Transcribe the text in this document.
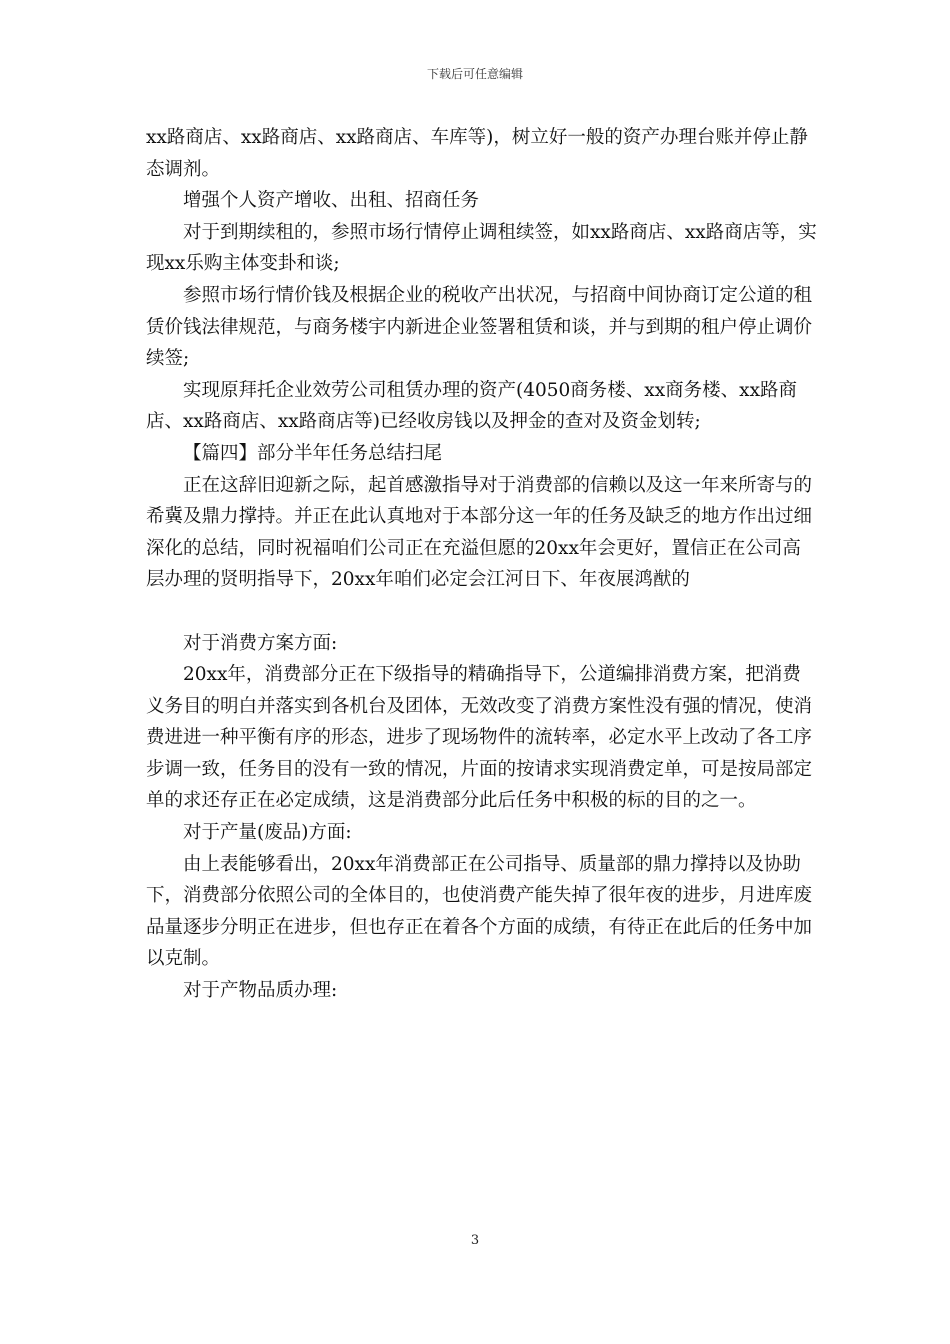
下载后可任意编辑

xx路商店、xx路商店、xx路商店、车库等)，树立好一般的资产办理台账并停止静态调剂。

增强个人资产增收、出租、招商任务

对于到期续租的，参照市场行情停止调租续签，如xx路商店、xx路商店等，实现xx乐购主体变卦和谈;

参照市场行情价钱及根据企业的税收产出状况，与招商中间协商订定公道的租赁价钱法律规范，与商务楼宇内新进企业签署租赁和谈，并与到期的租户停止调价续签;

实现原拜托企业效劳公司租赁办理的资产(4050商务楼、xx商务楼、xx路商店、xx路商店、xx路商店等)已经收房钱以及押金的查对及资金划转;

【篇四】部分半年任务总结扫尾

正在这辞旧迎新之际，起首感激指导对于消费部的信赖以及这一年来所寄与的希冀及鼎力撑持。并正在此认真地对于本部分这一年的任务及缺乏的地方作出过细深化的总结，同时祝福咱们公司正在充溢但愿的20xx年会更好，置信正在公司高层办理的贤明指导下，20xx年咱们必定会江河日下、年夜展鸿猷的

对于消费方案方面:

20xx年，消费部分正在下级指导的精确指导下，公道编排消费方案，把消费义务目的明白并落实到各机台及团体，无效改变了消费方案性没有强的情况，使消费进进一种平衡有序的形态，进步了现场物件的流转率，必定水平上改动了各工序步调一致，任务目的没有一致的情况，片面的按请求实现消费定单，可是按局部定单的求还存正在必定成绩，这是消费部分此后任务中积极的标的目的之一。

对于产量(废品)方面:

由上表能够看出，20xx年消费部正在公司指导、质量部的鼎力撑持以及协助下，消费部分依照公司的全体目的，也使消费产能失掉了很年夜的进步，月进库废品量逐步分明正在进步，但也存正在着各个方面的成绩，有待正在此后的任务中加以克制。

对于产物品质办理:

3
